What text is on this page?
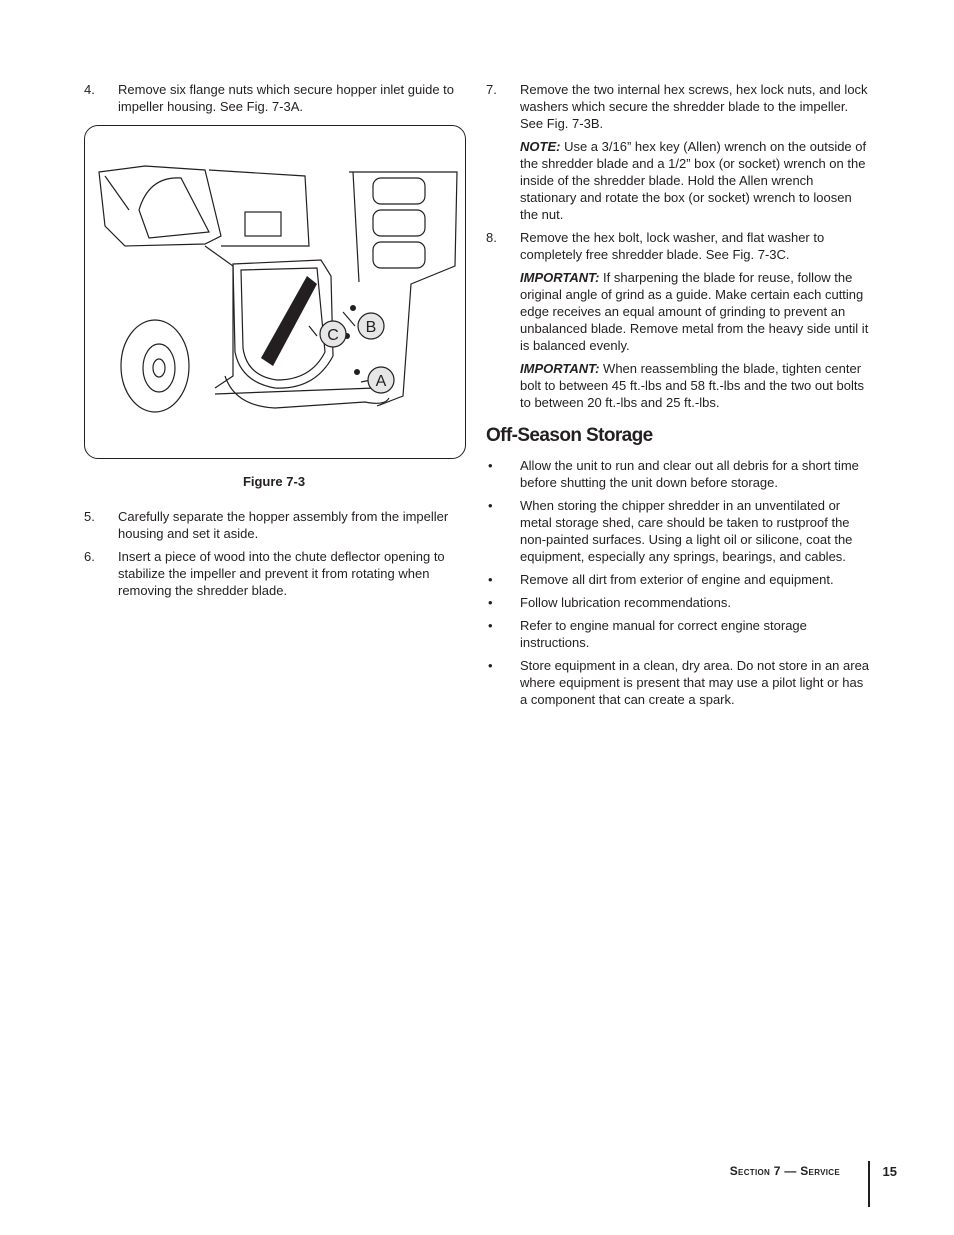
4. Remove six flange nuts which secure hopper inlet guide to impeller housing. See Fig. 7-3A.
B
C
A
Figure 7-3
5. Carefully separate the hopper assembly from the impeller housing and set it aside.
6. Insert a piece of wood into the chute deflector opening to stabilize the impeller and prevent it from rotating when removing the shredder blade.
7. Remove the two internal hex screws, hex lock nuts, and lock washers which secure the shredder blade to the impeller. See Fig. 7-3B.
NOTE: Use a 3/16” hex key (Allen) wrench on the outside of the shredder blade and a 1/2” box (or socket) wrench on the inside of the shredder blade. Hold the Allen wrench stationary and rotate the box (or socket) wrench to loosen the nut.
8. Remove the hex bolt, lock washer, and flat washer to completely free shredder blade. See Fig. 7-3C.
IMPORTANT: If sharpening the blade for reuse, follow the original angle of grind as a guide. Make certain each cutting edge receives an equal amount of grinding to prevent an unbalanced blade. Remove metal from the heavy side until it is balanced evenly.
IMPORTANT: When reassembling the blade, tighten center bolt to between 45 ft.-lbs and 58 ft.-lbs and the two out bolts to between 20 ft.-lbs and 25 ft.-lbs.
Off-Season Storage
• Allow the unit to run and clear out all debris for a short time before shutting the unit down before storage.
• When storing the chipper shredder in an unventilated or metal storage shed, care should be taken to rustproof the non-painted surfaces. Using a light oil or silicone, coat the equipment, especially any springs, bearings, and cables.
• Remove all dirt from exterior of engine and equipment.
• Follow lubrication recommendations.
• Refer to engine manual for correct engine storage instructions.
• Store equipment in a clean, dry area. Do not store in an area where equipment is present that may use a pilot light or has a component that can create a spark.
Section 7 — Service	15
